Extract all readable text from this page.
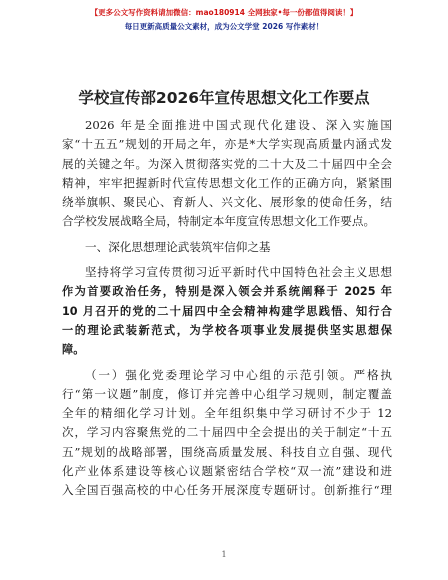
【更多公文写作资料请加微信：mao180914 全网独家•每一份都值得阅读！】
每日更新高质量公文素材，成为公文学堂 2026 写作素材！
学校宣传部2026年宣传思想文化工作要点
2026 年是全面推进中国式现代化建设、深入实施国
家“十五五”规划的开局之年，亦是*大学实现高质量内涵式发
展的关键之年。为深入贯彻落实党的二十大及二十届四中全会
精神，牢牢把握新时代宣传思想文化工作的正确方向，紧紧围
绕举旗帜、聚民心、育新人、兴文化、展形象的使命任务，结
合学校发展战略全局，特制定本年度宣传思想文化工作要点。
一、深化思想理论武装筑牢信仰之基
坚持将学习宣传贯彻习近平新时代中国特色社会主义思想
作为首要政治任务，特别是深入领会并系统阐释于 2025 年
10 月召开的党的二十届四中全会精神构建学思践悟、知行合
一的理论武装新范式，为学校各项事业发展提供坚实思想保
障。
（一）强化党委理论学习中心组的示范引领。严格执
行“第一议题”制度，修订并完善中心组学习规则，制定覆盖
全年的精细化学习计划。全年组织集中学习研讨不少于 12
次，学习内容聚焦党的二十届四中全会提出的关于制定“十五
五”规划的战略部署，围绕高质量发展、科技自立自强、现代
化产业体系建设等核心议题紧密结合学校“双一流”建设和进
入全国百强高校的中心任务开展深度专题研讨。创新推行“理
1
